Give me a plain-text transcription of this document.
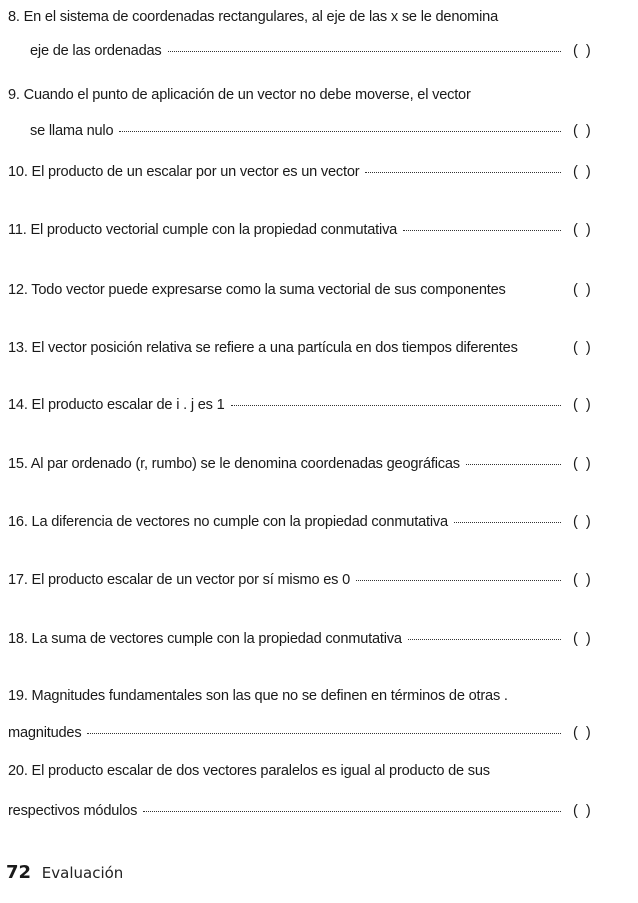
8. En el sistema de coordenadas rectangulares, al eje de las x se le denomina
eje de las ordenadas	( )
9. Cuando el punto de aplicación de un vector no debe moverse, el vector
se llama nulo	( )
10. El producto de un escalar por un vector es un vector	( )
11. El producto vectorial cumple con la propiedad conmutativa	( )
12. Todo vector puede expresarse como la suma vectorial de sus componentes	( )
13. El vector posición relativa se refiere a una partícula en dos tiempos diferentes	( )
14. El producto escalar de i . j es 1	( )
15. Al par ordenado (r, rumbo) se le denomina coordenadas geográficas	( )
16. La diferencia de vectores no cumple con la propiedad conmutativa	( )
17. El producto escalar de un vector por sí mismo es 0	( )
18. La suma de vectores cumple con la propiedad conmutativa	( )
19. Magnitudes fundamentales son las que no se definen en términos de otras .
magnitudes	( )
20. El producto escalar de dos vectores paralelos es igual al producto de sus
respectivos módulos	( )
72 Evaluación
